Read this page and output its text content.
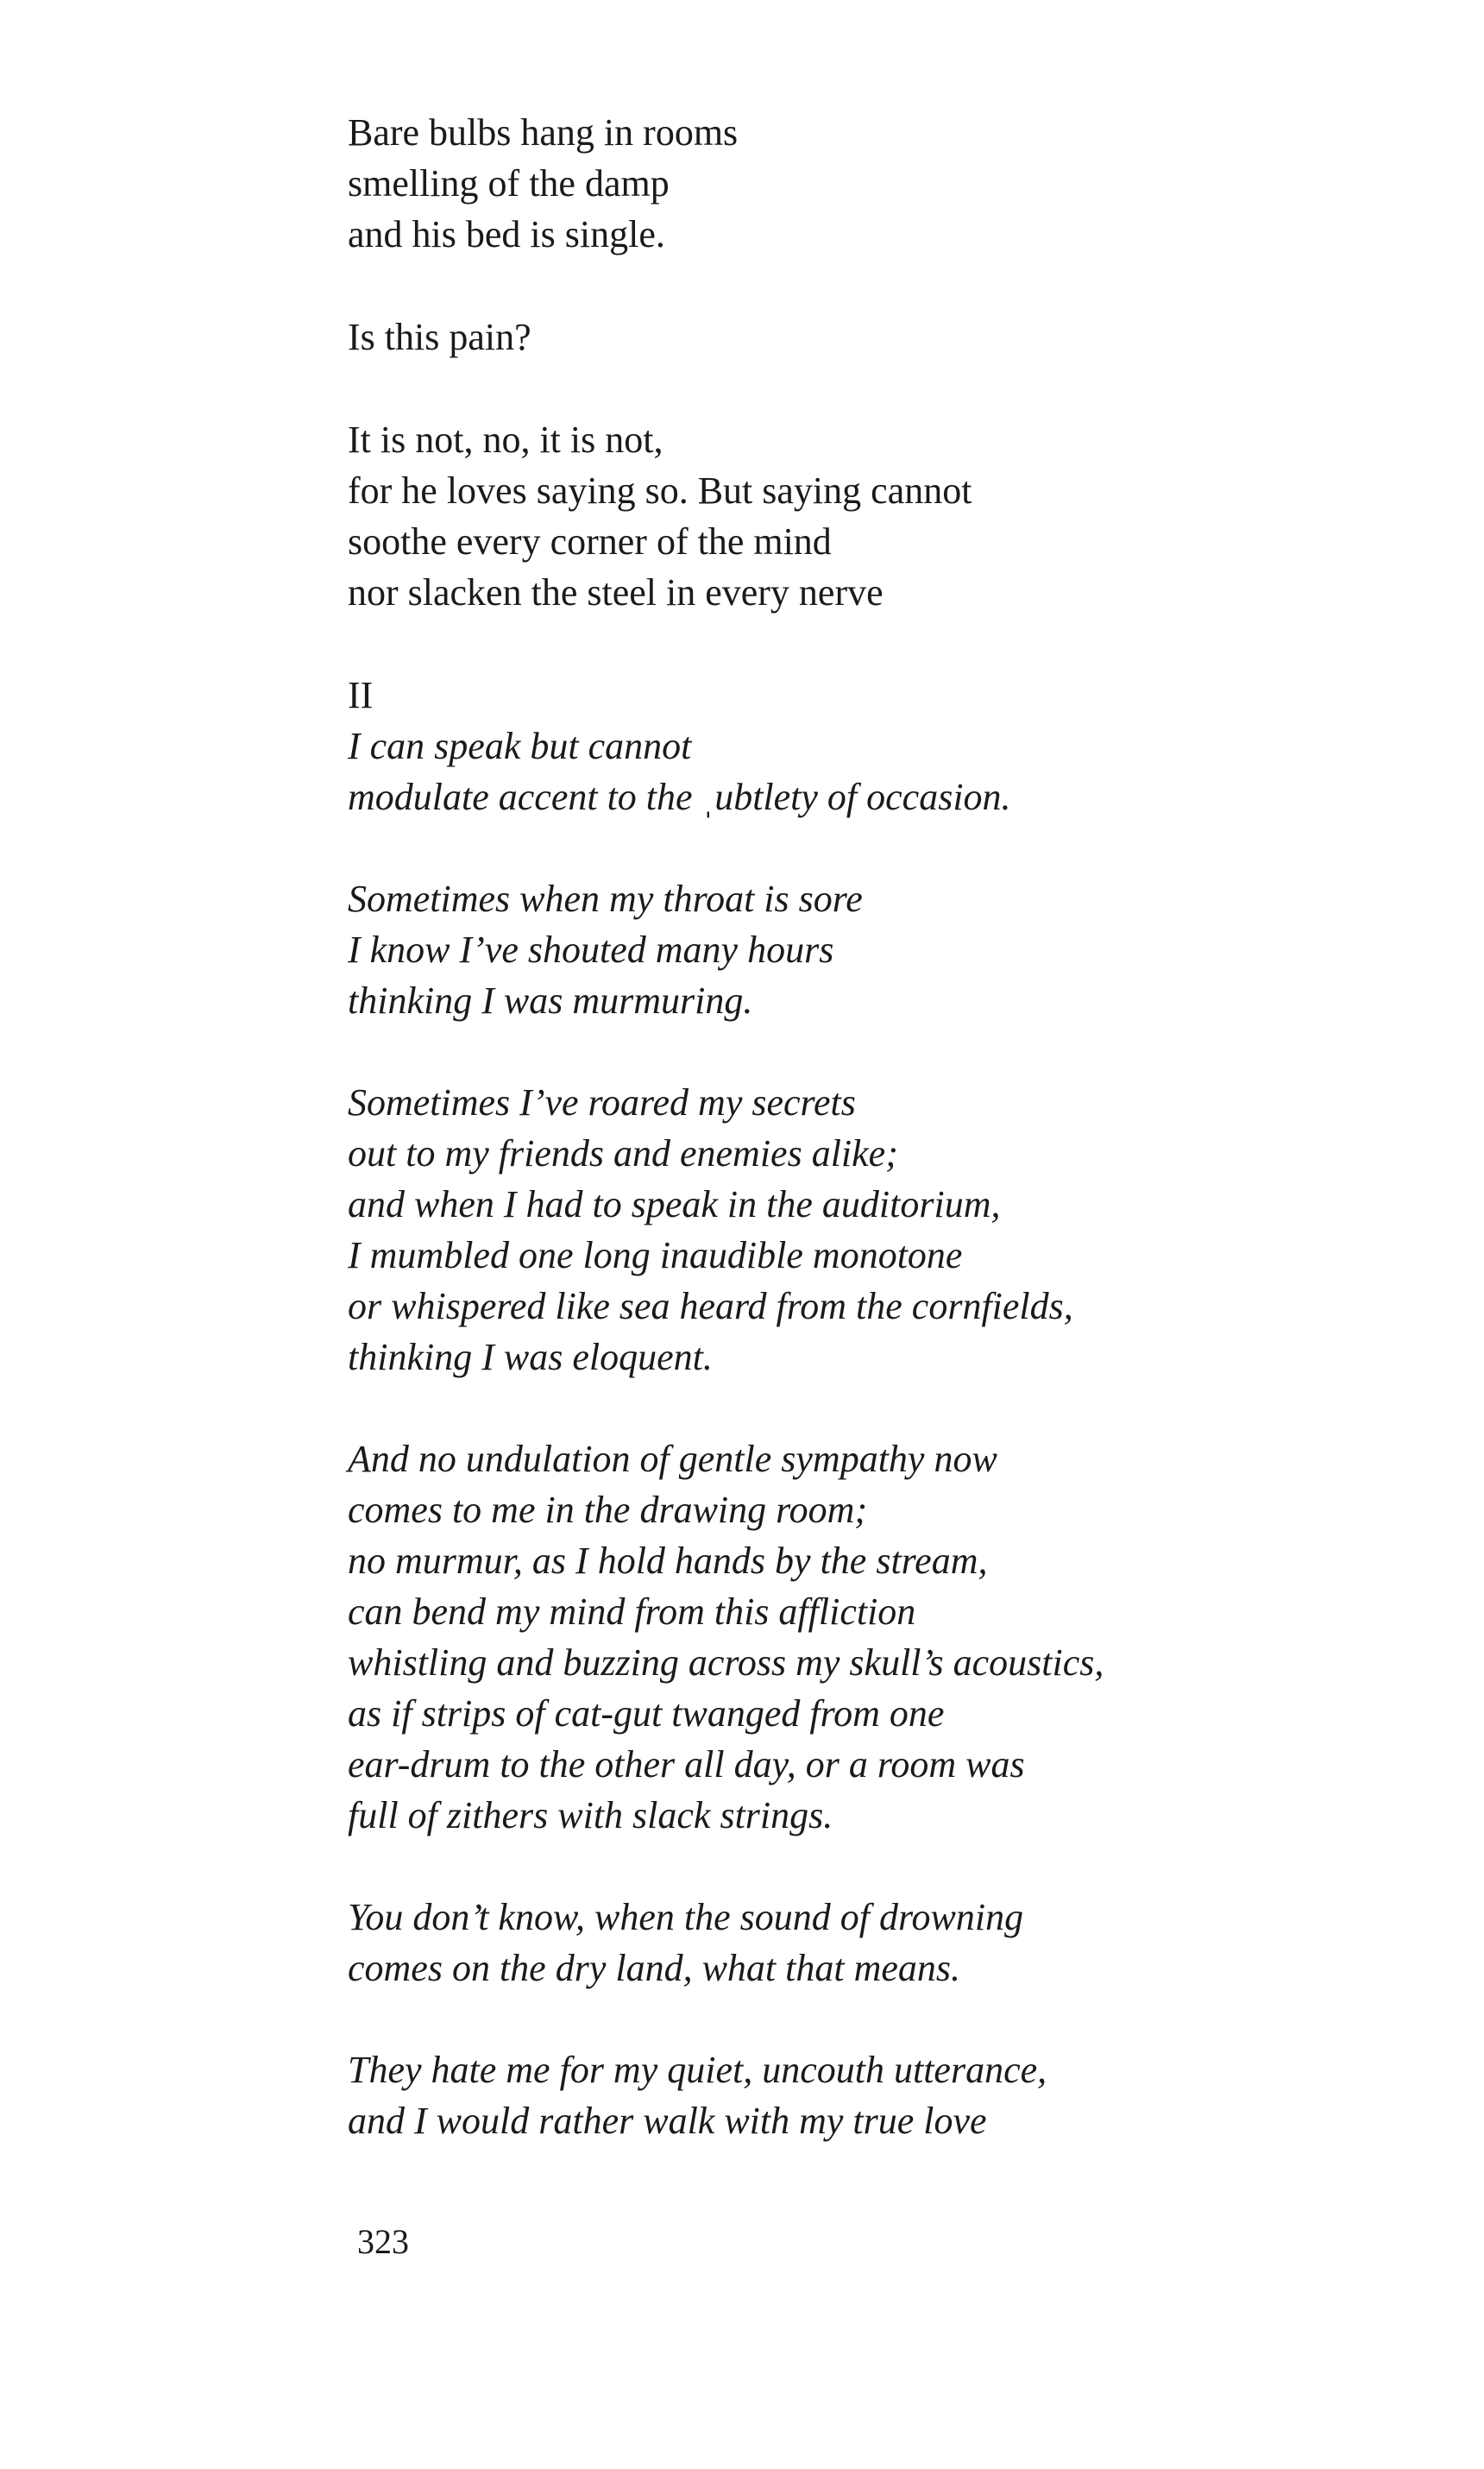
Bare bulbs hang in rooms
smelling of the damp
and his bed is single.
Is this pain?
It is not, no, it is not,
for he loves saying so. But saying cannot
soothe every corner of the mind
nor slacken the steel in every nerve
II
I can speak but cannot
modulate accent to the ˌubtlety of occasion.
Sometimes when my throat is sore
I know I’ve shouted many hours
thinking I was murmuring.
Sometimes I’ve roared my secrets
out to my friends and enemies alike;
and when I had to speak in the auditorium,
I mumbled one long inaudible monotone
or whispered like sea heard from the cornfields,
thinking I was eloquent.
And no undulation of gentle sympathy now
comes to me in the drawing room;
no murmur, as I hold hands by the stream,
can bend my mind from this affliction
whistling and buzzing across my skull’s acoustics,
as if strips of cat-gut twanged from one
ear-drum to the other all day, or a room was
full of zithers with slack strings.
You don’t know, when the sound of drowning
comes on the dry land, what that means.
They hate me for my quiet, uncouth utterance,
and I would rather walk with my true love
323
